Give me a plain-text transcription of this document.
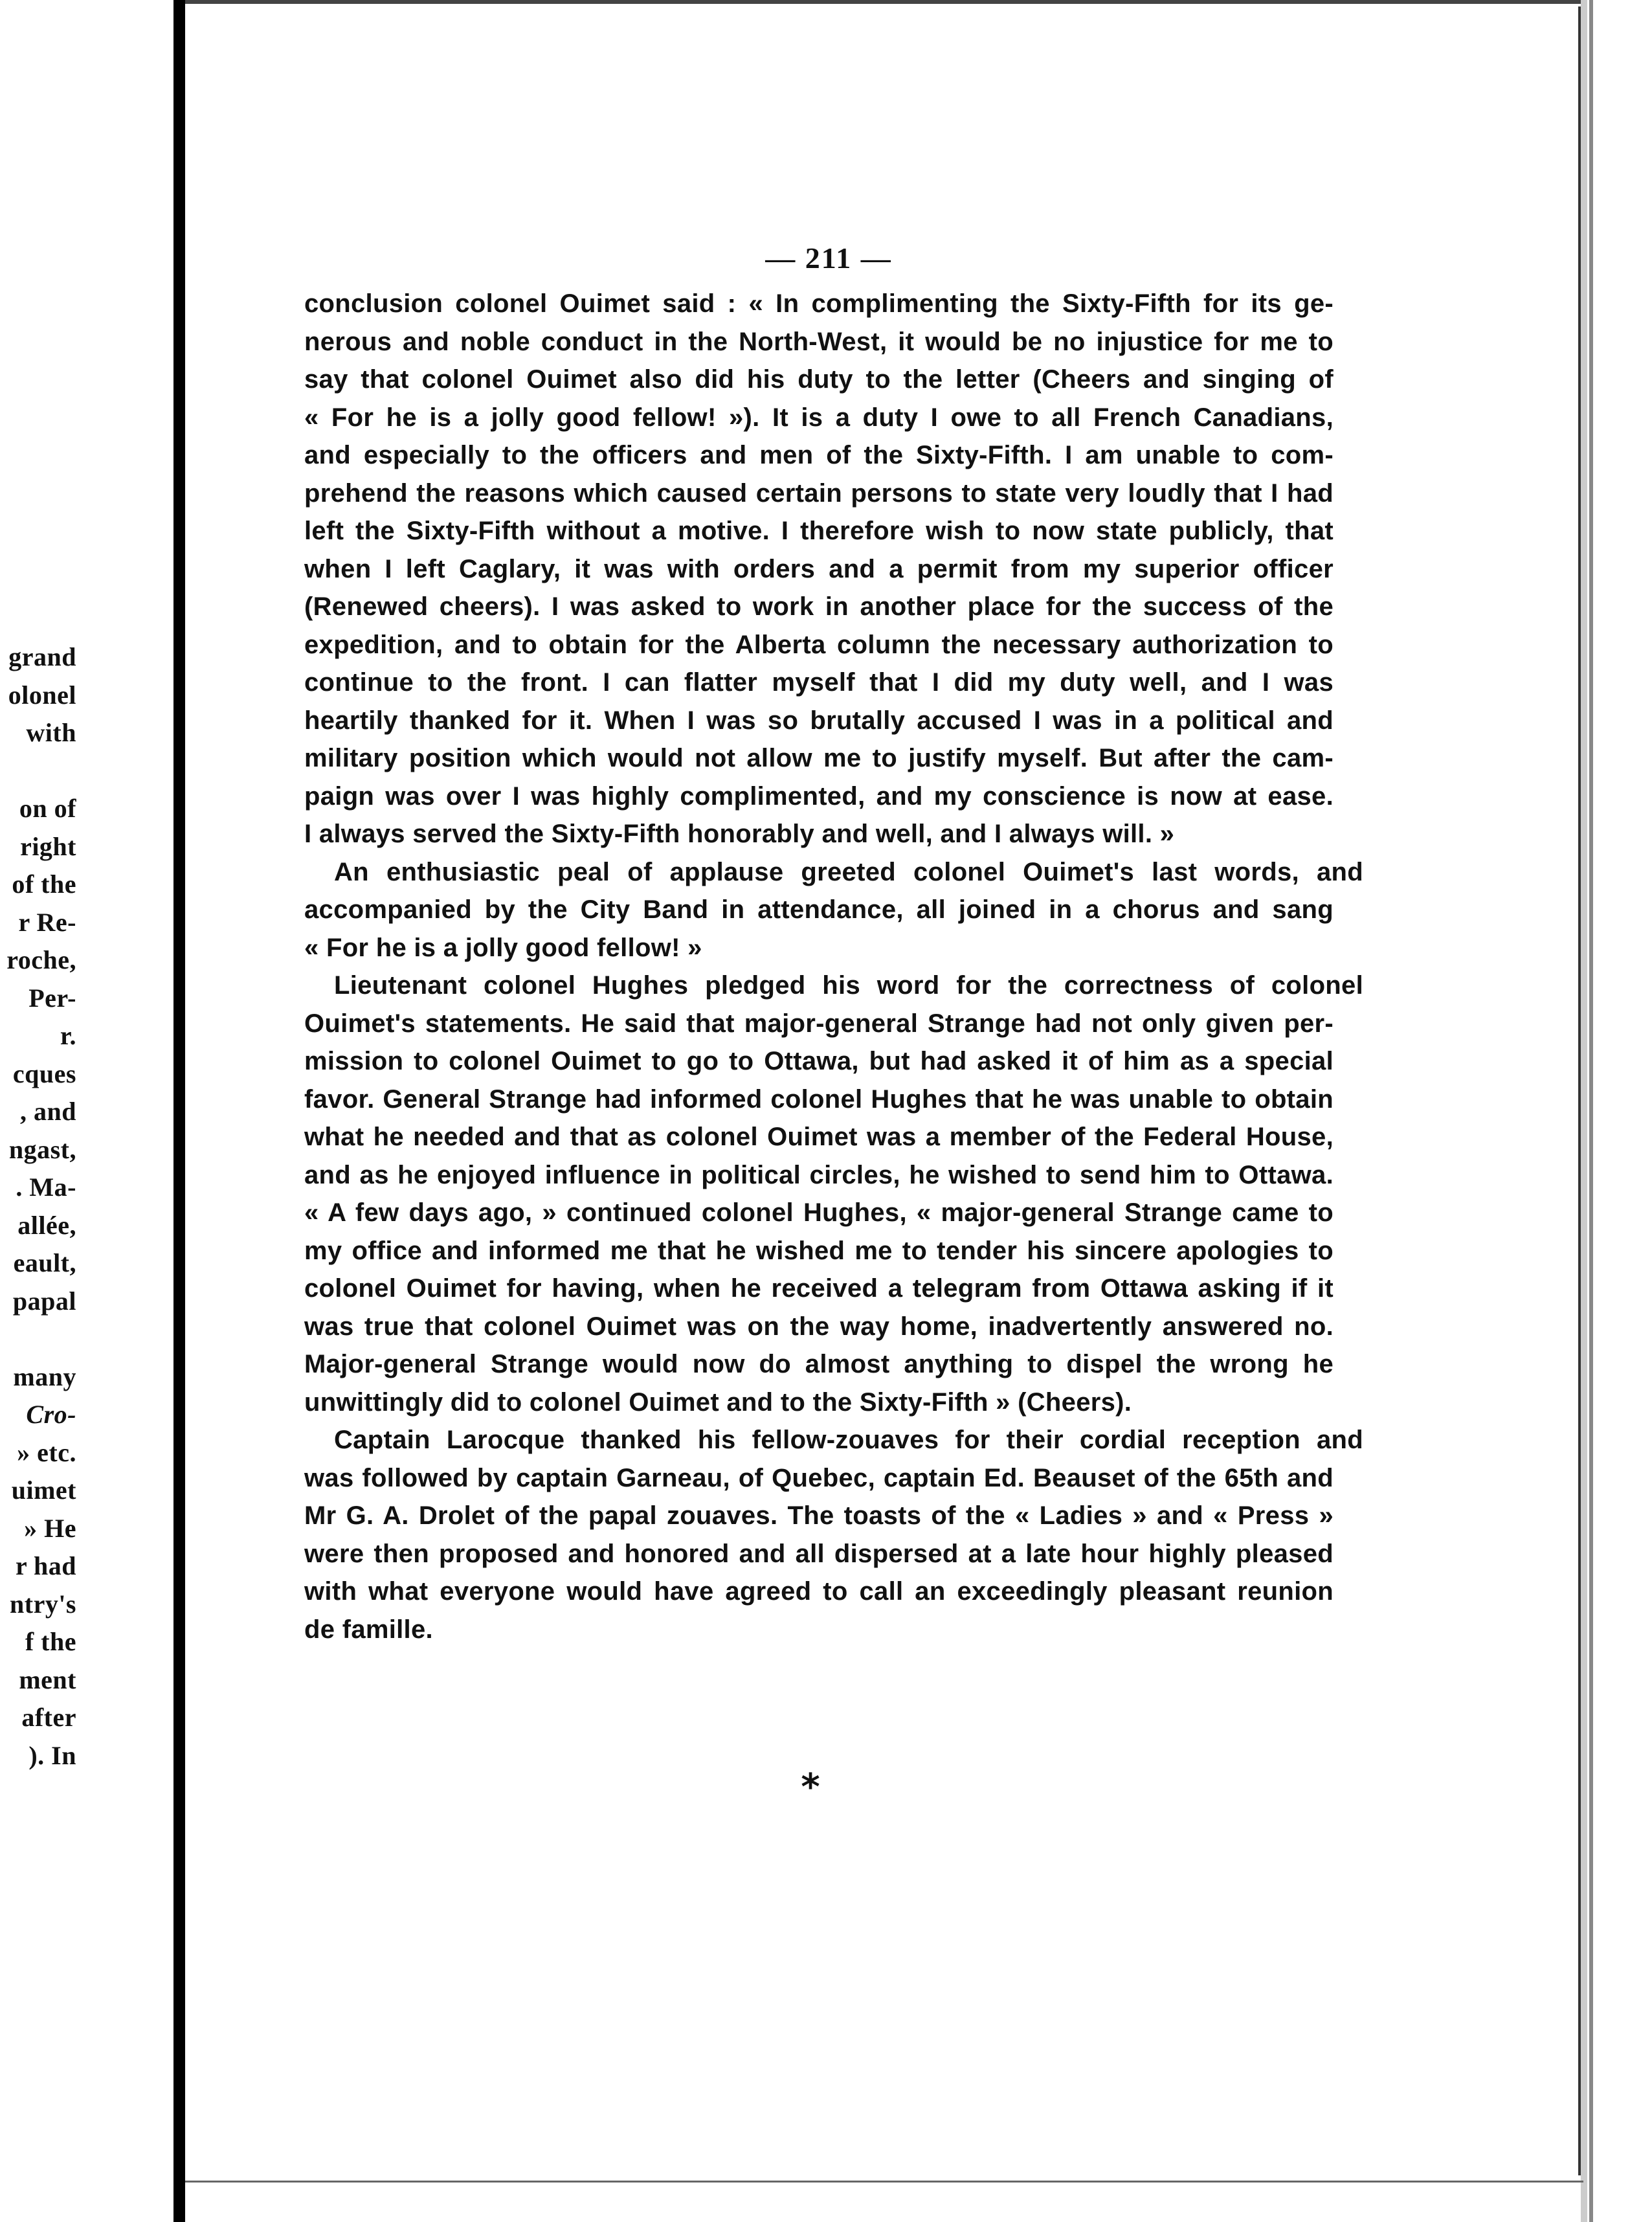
grand
olonel
with
on of
right
of the
r Re-
roche,
Per-
r.
cques
, and
ngast,
. Ma-
allée,
eault,
papal
many
Cro-
» etc.
uimet
» He
r had
ntry's
f the
ment
after
). In
— 211 —
conclusion colonel Ouimet said : « In complimenting the Sixty-Fifth for its ge-
nerous and noble conduct in the North-West, it would be no injustice for me to
say that colonel Ouimet also did his duty to the letter (Cheers and singing of
« For he is a jolly good fellow! »). It is a duty I owe to all French Canadians,
and especially to the officers and men of the Sixty-Fifth. I am unable to com-
prehend the reasons which caused certain persons to state very loudly that I had
left the Sixty-Fifth without a motive. I therefore wish to now state publicly, that
when I left Caglary, it was with orders and a permit from my superior officer
(Renewed cheers). I was asked to work in another place for the success of the
expedition, and to obtain for the Alberta column the necessary authorization to
continue to the front. I can flatter myself that I did my duty well, and I was
heartily thanked for it. When I was so brutally accused I was in a political and
military position which would not allow me to justify myself. But after the cam-
paign was over I was highly complimented, and my conscience is now at ease.
I always served the Sixty-Fifth honorably and well, and I always will. »
An enthusiastic peal of applause greeted colonel Ouimet's last words, and
accompanied by the City Band in attendance, all joined in a chorus and sang
« For he is a jolly good fellow! »
Lieutenant colonel Hughes pledged his word for the correctness of colonel
Ouimet's statements. He said that major-general Strange had not only given per-
mission to colonel Ouimet to go to Ottawa, but had asked it of him as a special
favor. General Strange had informed colonel Hughes that he was unable to obtain
what he needed and that as colonel Ouimet was a member of the Federal House,
and as he enjoyed influence in political circles, he wished to send him to Ottawa.
« A few days ago, » continued colonel Hughes, « major-general Strange came to
my office and informed me that he wished me to tender his sincere apologies to
colonel Ouimet for having, when he received a telegram from Ottawa asking if it
was true that colonel Ouimet was on the way home, inadvertently answered no.
Major-general Strange would now do almost anything to dispel the wrong he
unwittingly did to colonel Ouimet and to the Sixty-Fifth » (Cheers).
Captain Larocque thanked his fellow-zouaves for their cordial reception and
was followed by captain Garneau, of Quebec, captain Ed. Beauset of the 65th and
Mr G. A. Drolet of the papal zouaves. The toasts of the « Ladies » and « Press »
were then proposed and honored and all dispersed at a late hour highly pleased
with what everyone would have agreed to call an exceedingly pleasant reunion
de famille.
*
